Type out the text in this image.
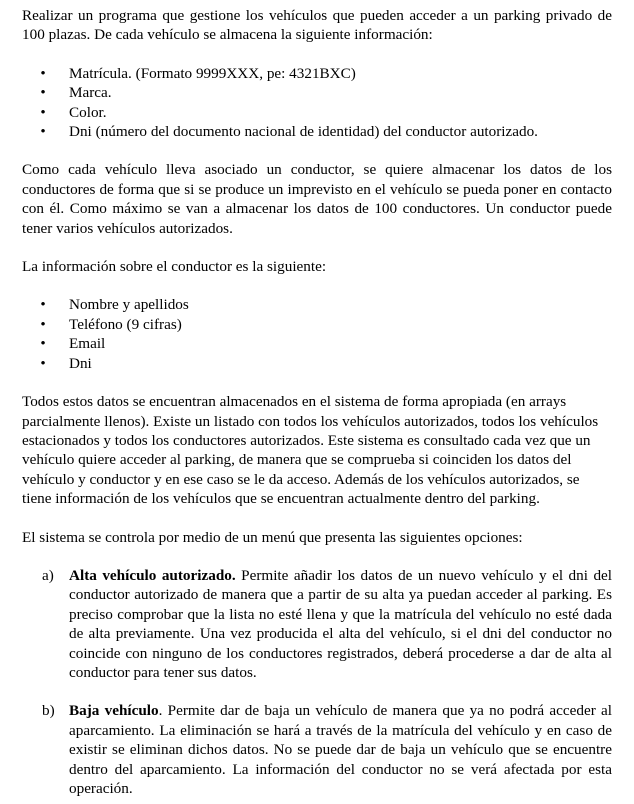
Realizar un programa que gestione los vehículos que pueden acceder a un parking privado de 100 plazas. De cada vehículo se almacena la siguiente información:

• Matrícula. (Formato 9999XXX, pe: 4321BXC)
• Marca.
• Color.
• Dni (número del documento nacional de identidad) del conductor autorizado.

Como cada vehículo lleva asociado un conductor, se quiere almacenar los datos de los conductores de forma que si se produce un imprevisto en el vehículo se pueda poner en contacto con él. Como máximo se van a almacenar los datos de 100 conductores. Un conductor puede tener varios vehículos autorizados.

La información sobre el conductor es la siguiente:

• Nombre y apellidos
• Teléfono (9 cifras)
• Email
• Dni

Todos estos datos se encuentran almacenados en el sistema de forma apropiada (en arrays parcialmente llenos). Existe un listado con todos los vehículos autorizados, todos los vehículos estacionados y todos los conductores autorizados. Este sistema es consultado cada vez que un vehículo quiere acceder al parking, de manera que se comprueba si coinciden los datos del vehículo y conductor y en ese caso se le da acceso. Además de los vehículos autorizados, se tiene información de los vehículos que se encuentran actualmente dentro del parking.

El sistema se controla por medio de un menú que presenta las siguientes opciones:

a) Alta vehículo autorizado. Permite añadir los datos de un nuevo vehículo y el dni del conductor autorizado de manera que a partir de su alta ya puedan acceder al parking. Es preciso comprobar que la lista no esté llena y que la matrícula del vehículo no esté dada de alta previamente. Una vez producida el alta del vehículo, si el dni del conductor no coincide con ninguno de los conductores registrados, deberá procederse a dar de alta al conductor para tener sus datos.
b) Baja vehículo. Permite dar de baja un vehículo de manera que ya no podrá acceder al aparcamiento. La eliminación se hará a través de la matrícula del vehículo y en caso de existir se eliminan dichos datos. No se puede dar de baja un vehículo que se encuentre dentro del aparcamiento. La información del conductor no se verá afectada por esta operación.
